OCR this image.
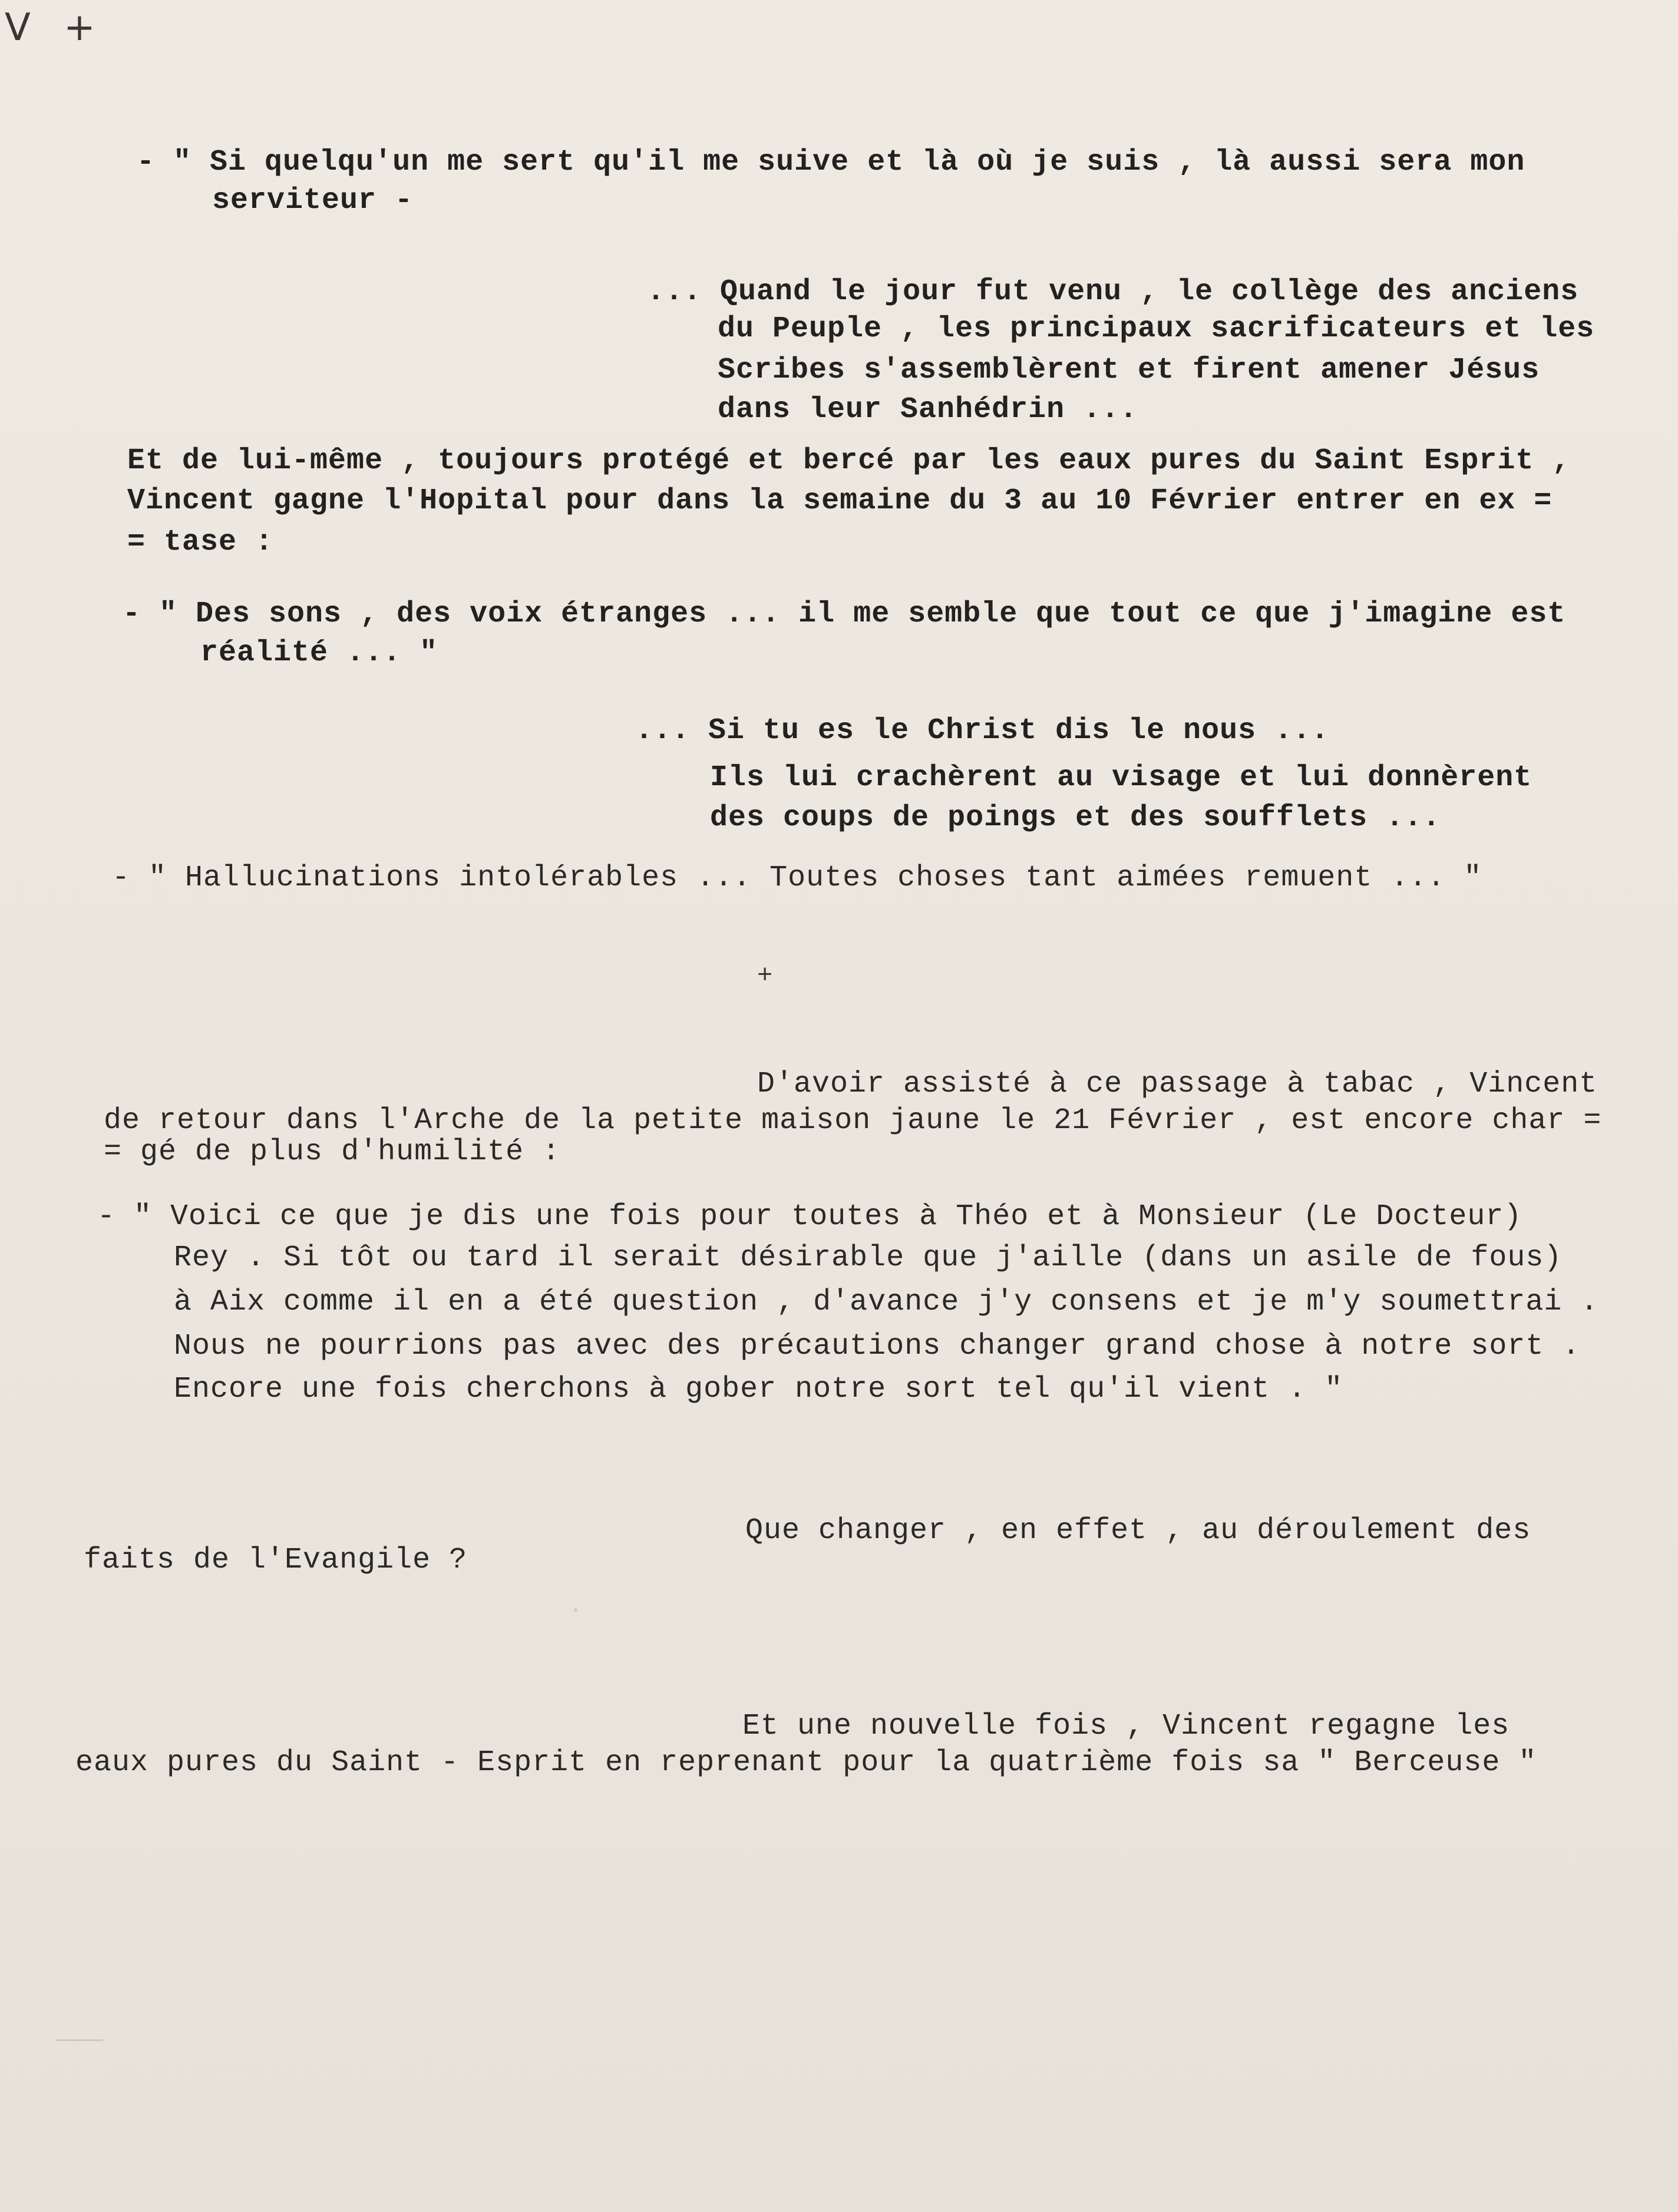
V +
- " Si quelqu'un me sert qu'il me suive et là où je suis , là aussi sera mon
serviteur -
... Quand le jour fut venu , le collège des anciens
du Peuple , les principaux sacrificateurs et les
Scribes s'assemblèrent et firent amener Jésus
dans leur Sanhédrin ...
Et de lui-même , toujours protégé et bercé par les eaux pures du Saint Esprit ,
Vincent gagne l'Hopital pour dans la semaine du 3 au 10 Février entrer en ex =
= tase :
- " Des sons , des voix étranges ... il me semble que tout ce que j'imagine est
réalité ... "
... Si tu es le Christ dis le nous ...
Ils lui crachèrent au visage et lui donnèrent
des coups de poings et des soufflets ...
- " Hallucinations intolérables ... Toutes choses tant aimées remuent ... "
+
D'avoir assisté à ce passage à tabac , Vincent
de retour dans l'Arche de la petite maison jaune le 21 Février , est encore char =
= gé de plus d'humilité :
- " Voici ce que je dis une fois pour toutes à Théo et à Monsieur (Le Docteur)
Rey . Si tôt ou tard il serait désirable que j'aille (dans un asile de fous)
à Aix comme il en a été question , d'avance j'y consens et je m'y soumettrai .
Nous ne pourrions pas avec des précautions changer grand chose à notre sort .
Encore une fois cherchons à gober notre sort tel qu'il vient . "
Que changer , en effet , au déroulement des
faits de l'Evangile ?
Et une nouvelle fois , Vincent regagne les
eaux pures du Saint - Esprit en reprenant pour la quatrième fois sa " Berceuse "
